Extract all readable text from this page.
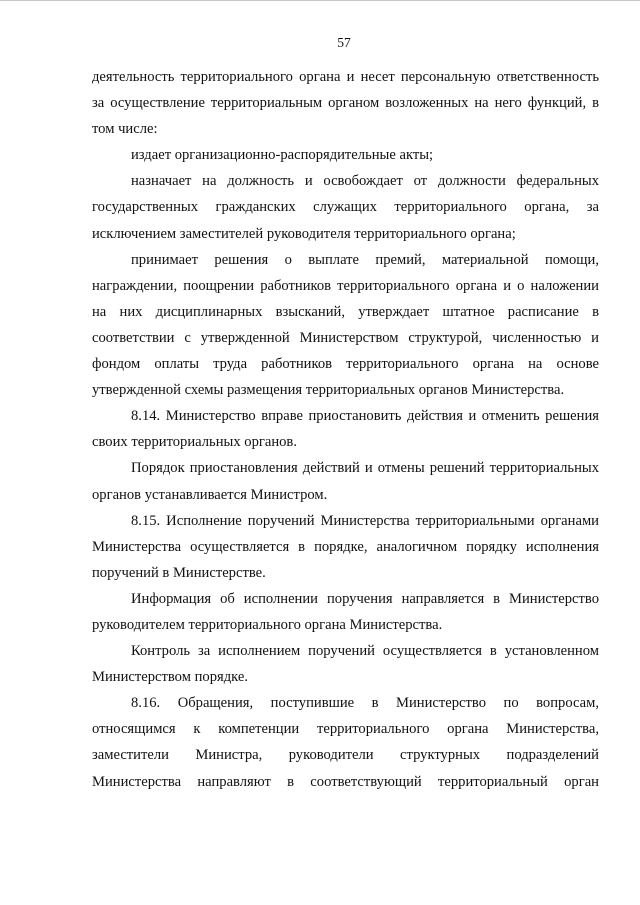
57

деятельность территориального органа и несет персональную ответственность за осуществление территориальным органом возложенных на него функций, в том числе:

издает организационно-распорядительные акты;

назначает на должность и освобождает от должности федеральных государственных гражданских служащих территориального органа, за исключением заместителей руководителя территориального органа;

принимает решения о выплате премий, материальной помощи, награждении, поощрении работников территориального органа и о наложении на них дисциплинарных взысканий, утверждает штатное расписание в соответствии с утвержденной Министерством структурой, численностью и фондом оплаты труда работников территориального органа на основе утвержденной схемы размещения территориальных органов Министерства.

8.14. Министерство вправе приостановить действия и отменить решения своих территориальных органов.

Порядок приостановления действий и отмены решений территориальных органов устанавливается Министром.

8.15. Исполнение поручений Министерства территориальными органами Министерства осуществляется в порядке, аналогичном порядку исполнения поручений в Министерстве.

Информация об исполнении поручения направляется в Министерство руководителем территориального органа Министерства.

Контроль за исполнением поручений осуществляется в установленном Министерством порядке.

8.16. Обращения, поступившие в Министерство по вопросам, относящимся к компетенции территориального органа Министерства, заместители Министра, руководители структурных подразделений Министерства направляют в соответствующий территориальный орган
